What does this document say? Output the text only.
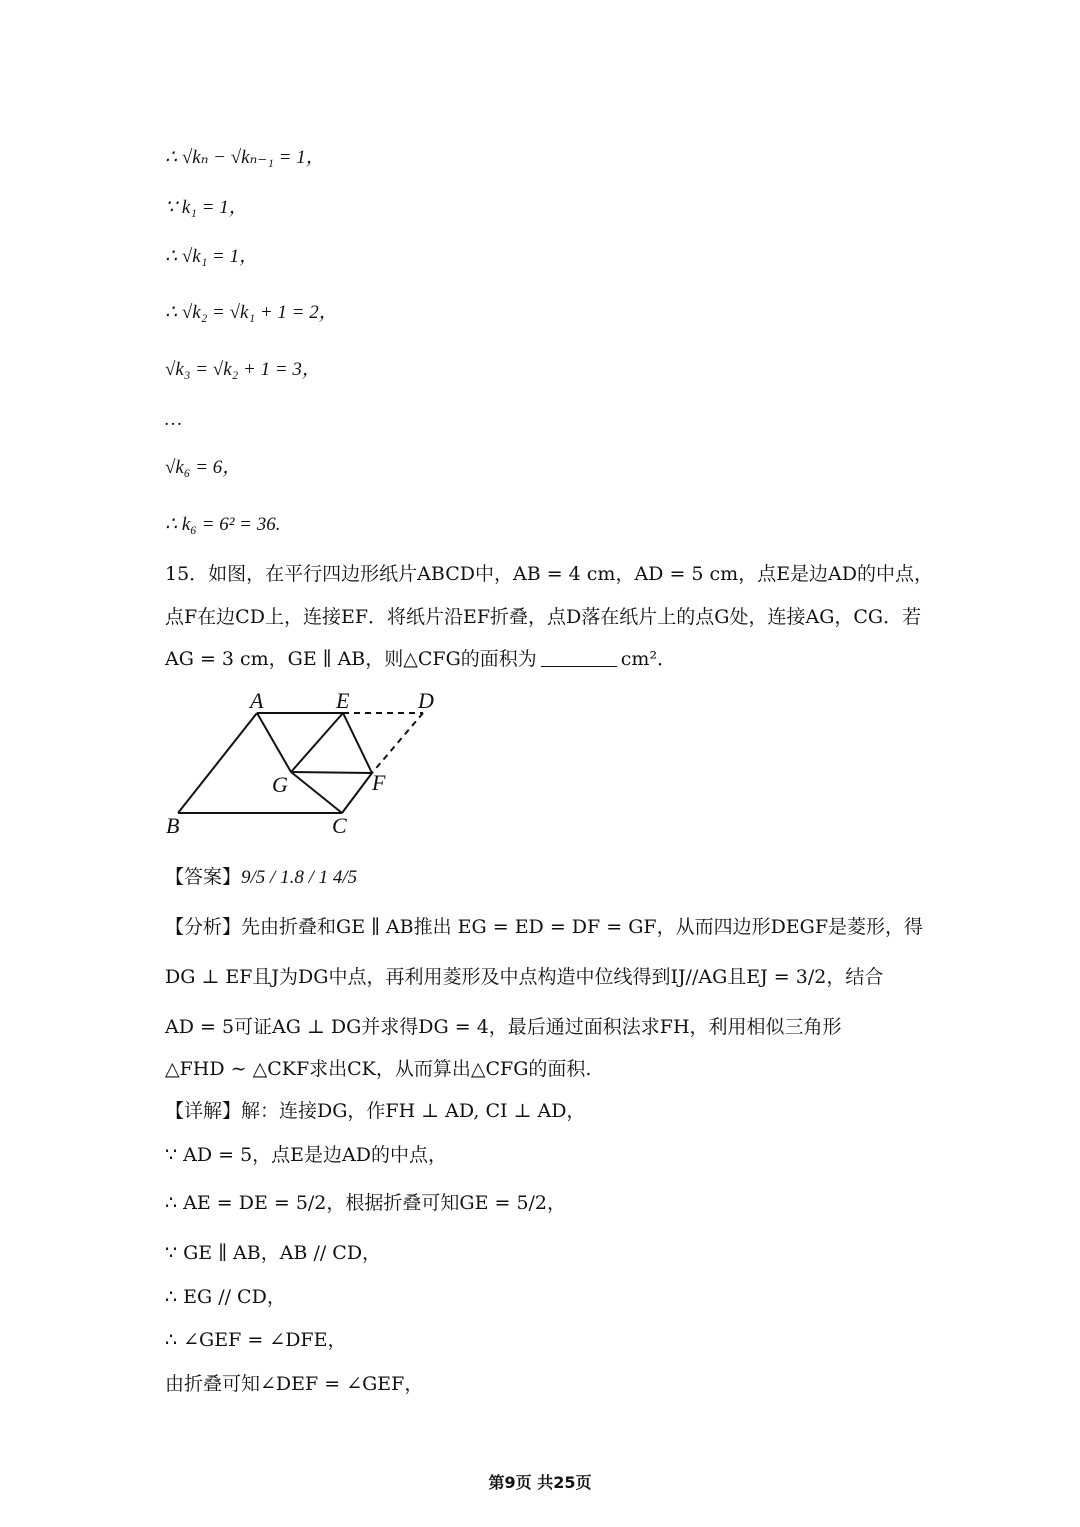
∴ √kₙ − √kₙ₋₁ = 1，
∵ k₁ = 1，
∴ √k₁ = 1，
∴ √k₂ = √k₁ + 1 = 2，
√k₃ = √k₂ + 1 = 3，
…
√k₆ = 6，
∴ k₆ = 6² = 36.
15．如图，在平行四边形纸片ABCD中，AB = 4 cm，AD = 5 cm，点E是边AD的中点，
点F在边CD上，连接EF．将纸片沿EF折叠，点D落在纸片上的点G处，连接AG，CG．若
AG = 3 cm，GE ∥ AB，则△CFG的面积为	cm²．
A	E	D
G	F
B	C
【答案】9/5 / 1.8 / 1 4/5
【分析】先由折叠和GE ∥ AB推出 EG = ED = DF = GF，从而四边形DEGF是菱形，得
DG ⊥ EF且J为DG中点，再利用菱形及中点构造中位线得到IJ//AG且EJ = 3/2，结合
AD = 5可证AG ⊥ DG并求得DG = 4，最后通过面积法求FH，利用相似三角形
△FHD ∼ △CKF求出CK，从而算出△CFG的面积.
【详解】解：连接DG，作FH ⊥ AD, CI ⊥ AD，
∵ AD = 5，点E是边AD的中点，
∴ AE = DE = 5/2，根据折叠可知GE = 5/2，
∵ GE ∥ AB，AB // CD，
∴ EG // CD，
∴ ∠GEF = ∠DFE，
由折叠可知∠DEF = ∠GEF，
第9页 共25页
